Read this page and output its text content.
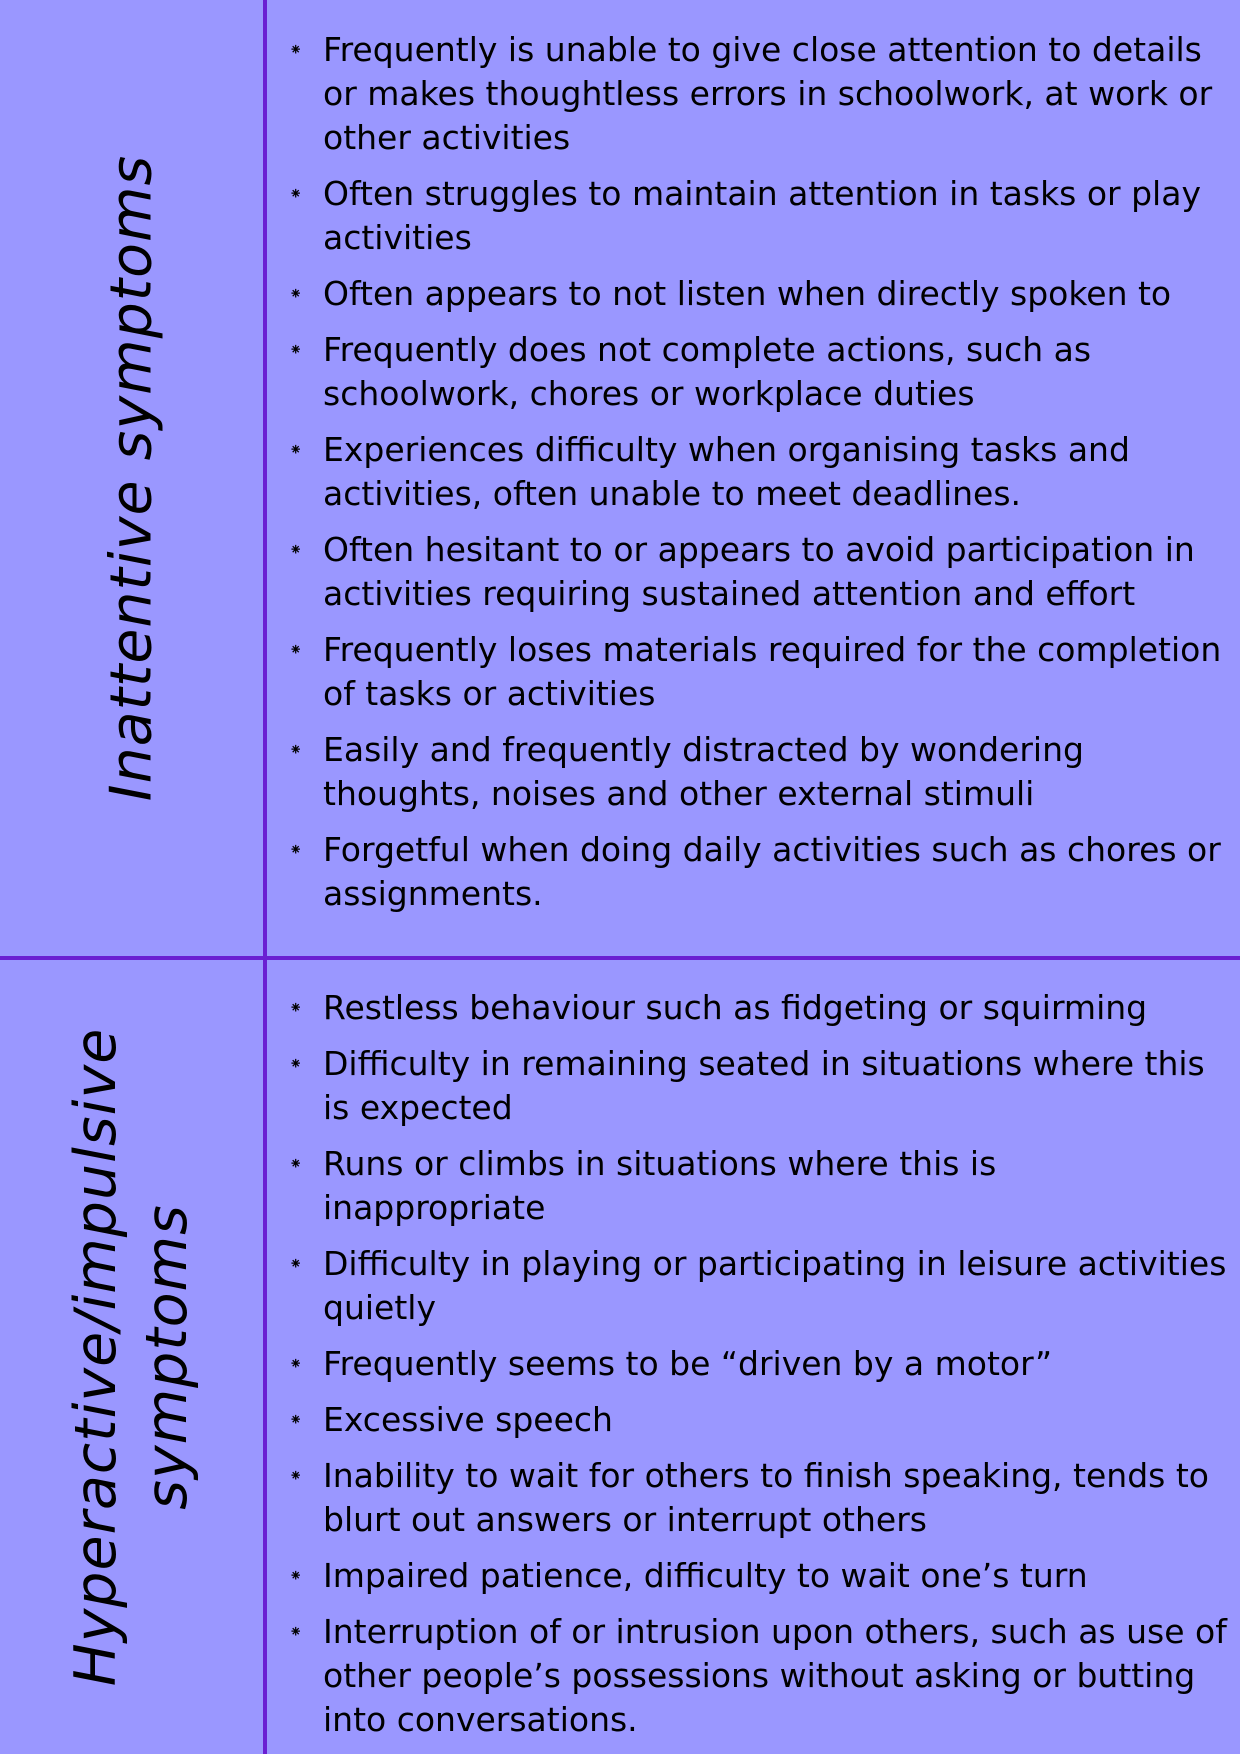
Inattentive symptoms
⁕ Frequently is unable to give close attention to details or makes thoughtless errors in schoolwork, at work or other activities
⁕ Often struggles to maintain attention in tasks or play activities
⁕ Often appears to not listen when directly spoken to
⁕ Frequently does not complete actions, such as schoolwork, chores or workplace duties
⁕ Experiences difficulty when organising tasks and activities, often unable to meet deadlines.
⁕ Often hesitant to or appears to avoid participation in activities requiring sustained attention and effort
⁕ Frequently loses materials required for the completion of tasks or activities
⁕ Easily and frequently distracted by wondering thoughts, noises and other external stimuli
⁕ Forgetful when doing daily activities such as chores or assignments.
Hyperactive/impulsive symptoms
⁕ Restless behaviour such as fidgeting or squirming
⁕ Difficulty in remaining seated in situations where this is expected
⁕ Runs or climbs in situations where this is inappropriate
⁕ Difficulty in playing or participating in leisure activities quietly
⁕ Frequently seems to be “driven by a motor”
⁕ Excessive speech
⁕ Inability to wait for others to finish speaking, tends to blurt out answers or interrupt others
⁕ Impaired patience, difficulty to wait one’s turn
⁕ Interruption of or intrusion upon others, such as use of other people’s possessions without asking or butting into conversations.
